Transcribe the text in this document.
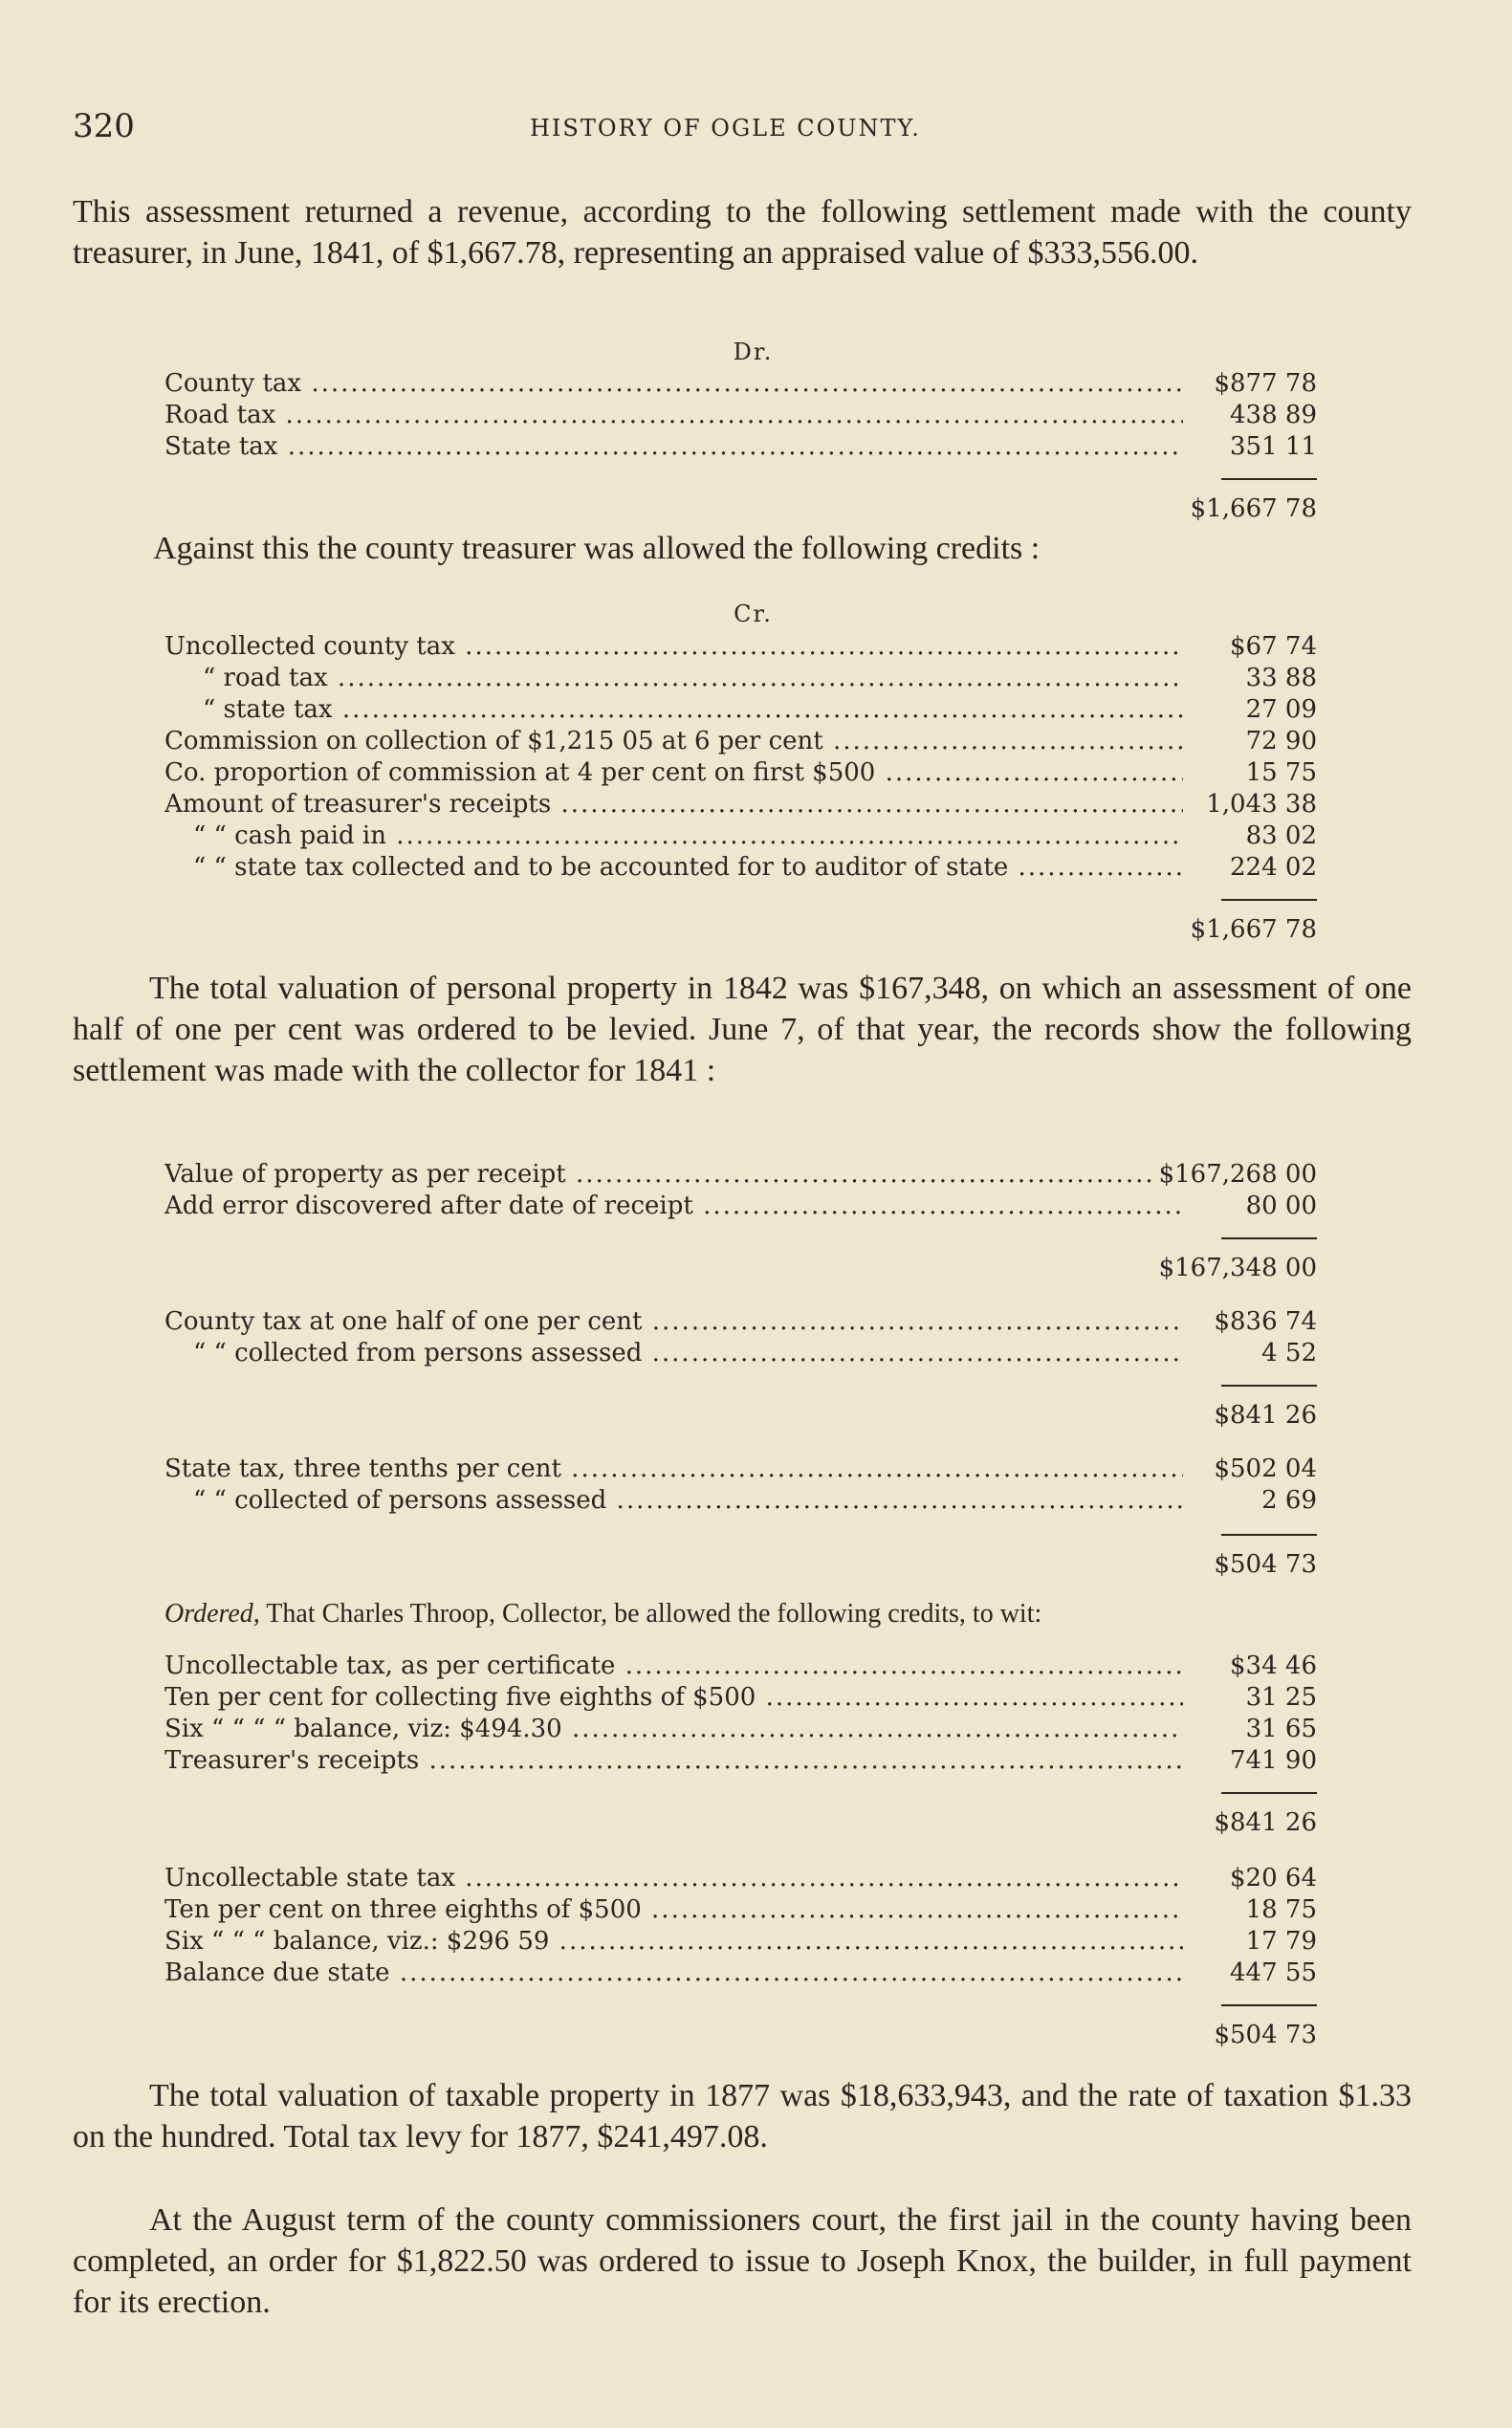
320	HISTORY OF OGLE COUNTY.
This assessment returned a revenue, according to the following settlement made with the county treasurer, in June, 1841, of $1,667.78, representing an appraised value of $333,556.00.
Dr.
County tax .....	$877 78
Road tax .....	438 89
State tax .....	351 11
$1,667 78
Against this the county treasurer was allowed the following credits :
Cr.
Uncollected county tax .....	$67 74
“ road tax .....	33 88
“ state tax .....	27 09
Commission on collection of $1,215 05 at 6 per cent .....	72 90
Co. proportion of commission at 4 per cent on first $500 .....	15 75
Amount of treasurer's receipts .....	1,043 38
“ “ cash paid in .....	83 02
“ “ state tax collected and to be accounted for to auditor of state .....	224 02
$1,667 78
The total valuation of personal property in 1842 was $167,348, on which an assessment of one half of one per cent was ordered to be levied. June 7, of that year, the records show the following settlement was made with the collector for 1841 :
Value of property as per receipt .....	$167,268 00
Add error discovered after date of receipt .....	80 00
$167,348 00
County tax at one half of one per cent .....	$836 74
“ “ collected from persons assessed .....	4 52
$841 26
State tax, three tenths per cent .....	$502 04
“ “ collected of persons assessed .....	2 69
$504 73
Ordered, That Charles Throop, Collector, be allowed the following credits, to wit:
Uncollectable tax, as per certificate .....	$34 46
Ten per cent for collecting five eighths of $500 .....	31 25
Six “ “ “ “ balance, viz: $494.30 .....	31 65
Treasurer's receipts .....	741 90
$841 26
Uncollectable state tax .....	$20 64
Ten per cent on three eighths of $500 .....	18 75
Six “ “ “ balance, viz.: $296 59 .....	17 79
Balance due state .....	447 55
$504 73
The total valuation of taxable property in 1877 was $18,633,943, and the rate of taxation $1.33 on the hundred. Total tax levy for 1877, $241,497.08.
At the August term of the county commissioners court, the first jail in the county having been completed, an order for $1,822.50 was ordered to issue to Joseph Knox, the builder, in full payment for its erection.
